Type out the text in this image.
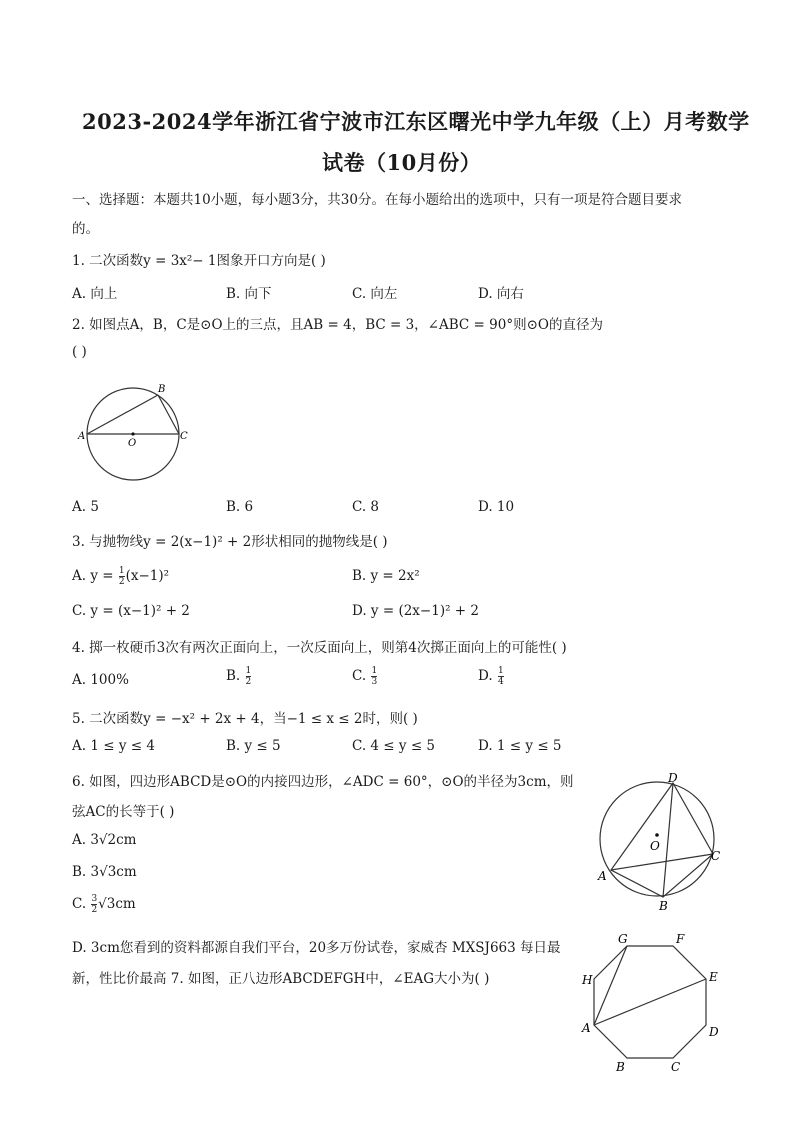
2023-2024学年浙江省宁波市江东区曙光中学九年级（上）月考数学
试卷（10月份）
一、选择题：本题共10小题，每小题3分，共30分。在每小题给出的选项中，只有一项是符合题目要求
的。
1. 二次函数y = 3x²− 1图象开口方向是( )
A. 向上	B. 向下	C. 向左	D. 向右
2. 如图点A，B，C是⊙O上的三点，且AB = 4，BC = 3，∠ABC = 90°则⊙O的直径为
( )
A
B
C
O
A. 5	B. 6	C. 8	D. 10
3. 与抛物线y = 2(x−1)² + 2形状相同的抛物线是( )
A. $y = \frac{1}{2} (x-1)^2$	B. y = 2x²
C. y = (x−1)² + 2	D. y = (2x−1)² + 2
4. 掷一枚硬币3次有两次正面向上，一次反面向上，则第4次掷正面向上的可能性( )
A. 100%	B. $\frac{1}{2}$	C. $\frac{1}{3}$	D. $\frac{1}{4}$
5. 二次函数y = −x² + 2x + 4，当−1 ≤ x ≤ 2时，则( )
A. 1 ≤ y ≤ 4	B. y ≤ 5	C. 4 ≤ y ≤ 5	D. 1 ≤ y ≤ 5
6. 如图，四边形ABCD是⊙O的内接四边形，∠ADC = 60°，⊙O的半径为3cm，则
弦AC的长等于( )
A. 3√2cm
B. 3√3cm
C. $\frac{3}{2} √3cm$
D
O
C
A
B
D. 3cm您看到的资料都源自我们平台，20多万份试卷，家威杏 MXSJ663 每日最
新，性比价最高 7. 如图，正八边形ABCDEFGH中，∠EAG大小为( )
G	F
H	E
A	D
B	C
